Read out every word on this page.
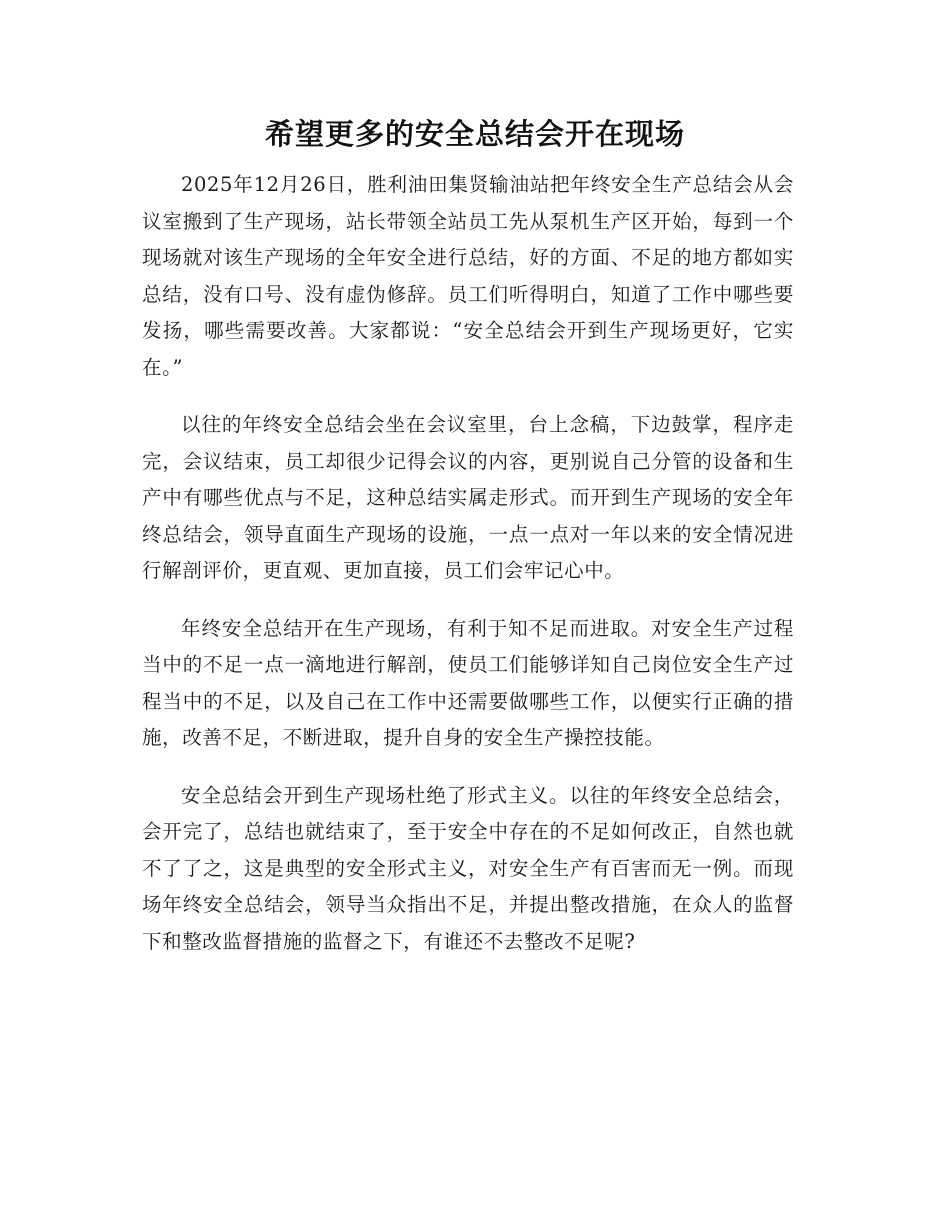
希望更多的安全总结会开在现场

2025年12月26日，胜利油田集贤输油站把年终安全生产总结会从会议室搬到了生产现场，站长带领全站员工先从泵机生产区开始，每到一个现场就对该生产现场的全年安全进行总结，好的方面、不足的地方都如实总结，没有口号、没有虚伪修辞。员工们听得明白，知道了工作中哪些要发扬，哪些需要改善。大家都说：“安全总结会开到生产现场更好，它实在。”

以往的年终安全总结会坐在会议室里，台上念稿，下边鼓掌，程序走完，会议结束，员工却很少记得会议的内容，更别说自己分管的设备和生产中有哪些优点与不足，这种总结实属走形式。而开到生产现场的安全年终总结会，领导直面生产现场的设施，一点一点对一年以来的安全情况进行解剖评价，更直观、更加直接，员工们会牢记心中。

年终安全总结开在生产现场，有利于知不足而进取。对安全生产过程当中的不足一点一滴地进行解剖，使员工们能够详知自己岗位安全生产过程当中的不足，以及自己在工作中还需要做哪些工作，以便实行正确的措施，改善不足，不断进取，提升自身的安全生产操控技能。

安全总结会开到生产现场杜绝了形式主义。以往的年终安全总结会，会开完了，总结也就结束了，至于安全中存在的不足如何改正，自然也就不了了之，这是典型的安全形式主义，对安全生产有百害而无一例。而现场年终安全总结会，领导当众指出不足，并提出整改措施，在众人的监督下和整改监督措施的监督之下，有谁还不去整改不足呢?
